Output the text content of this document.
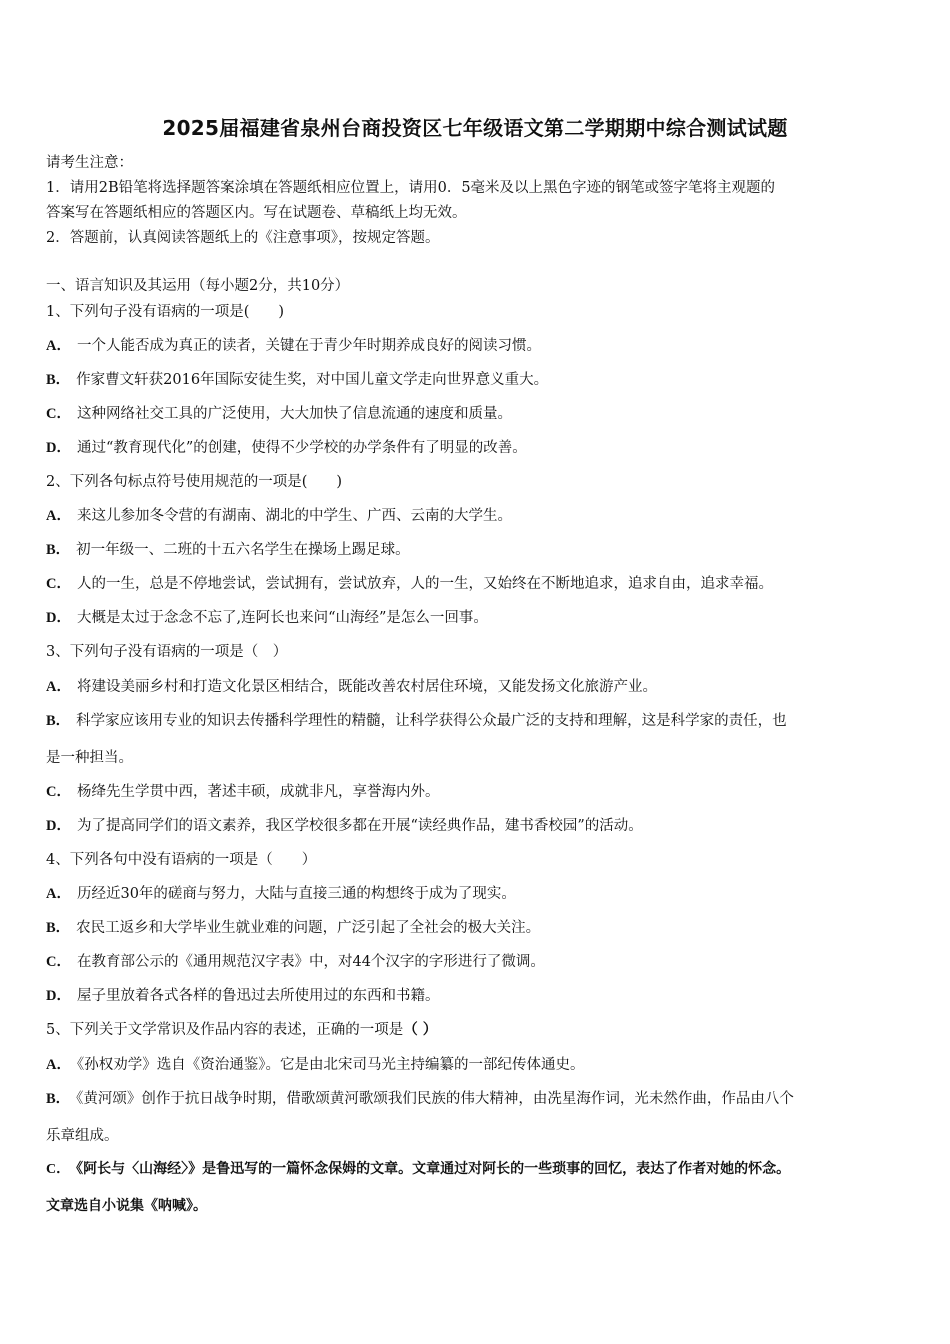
2025届福建省泉州台商投资区七年级语文第二学期期中综合测试试题
请考生注意：
1．请用2B铅笔将选择题答案涂填在答题纸相应位置上，请用0．5毫米及以上黑色字迹的钢笔或签字笔将主观题的
答案写在答题纸相应的答题区内。写在试题卷、草稿纸上均无效。
2．答题前，认真阅读答题纸上的《注意事项》，按规定答题。
一、语言知识及其运用（每小题2分，共10分）
1、下列句子没有语病的一项是(　　)
A． 一个人能否成为真正的读者，关键在于青少年时期养成良好的阅读习惯。
B． 作家曹文轩获2016年国际安徒生奖，对中国儿童文学走向世界意义重大。
C． 这种网络社交工具的广泛使用，大大加快了信息流通的速度和质量。
D． 通过“教育现代化”的创建，使得不少学校的办学条件有了明显的改善。
2、下列各句标点符号使用规范的一项是(　　)
A． 来这儿参加冬令营的有湖南、湖北的中学生、广西、云南的大学生。
B． 初一年级一、二班的十五六名学生在操场上踢足球。
C． 人的一生，总是不停地尝试，尝试拥有，尝试放弃，人的一生，又始终在不断地追求，追求自由，追求幸福。
D． 大概是太过于念念不忘了,连阿长也来问“山海经”是怎么一回事。
3、下列句子没有语病的一项是（　）
A． 将建设美丽乡村和打造文化景区相结合，既能改善农村居住环境，又能发扬文化旅游产业。
B． 科学家应该用专业的知识去传播科学理性的精髓，让科学获得公众最广泛的支持和理解，这是科学家的责任，也
是一种担当。
C． 杨绛先生学贯中西，著述丰硕，成就非凡，享誉海内外。
D． 为了提高同学们的语文素养，我区学校很多都在开展“读经典作品，建书香校园”的活动。
4、下列各句中没有语病的一项是（　　）
A． 历经近30年的磋商与努力，大陆与直接三通的构想终于成为了现实。
B． 农民工返乡和大学毕业生就业难的问题，广泛引起了全社会的极大关注。
C． 在教育部公示的《通用规范汉字表》中，对44个汉字的字形进行了微调。
D． 屋子里放着各式各样的鲁迅过去所使用过的东西和书籍。
5、下列关于文学常识及作品内容的表述，正确的一项是（ ）
A． 《孙权劝学》选自《资治通鉴》。它是由北宋司马光主持编纂的一部纪传体通史。
B． 《黄河颂》创作于抗日战争时期，借歌颂黄河歌颂我们民族的伟大精神，由冼星海作词，光未然作曲，作品由八个
乐章组成。
C． 《阿长与〈山海经〉》是鲁迅写的一篇怀念保姆的文章。文章通过对阿长的一些琐事的回忆，表达了作者对她的怀念。
文章选自小说集《呐喊》。
